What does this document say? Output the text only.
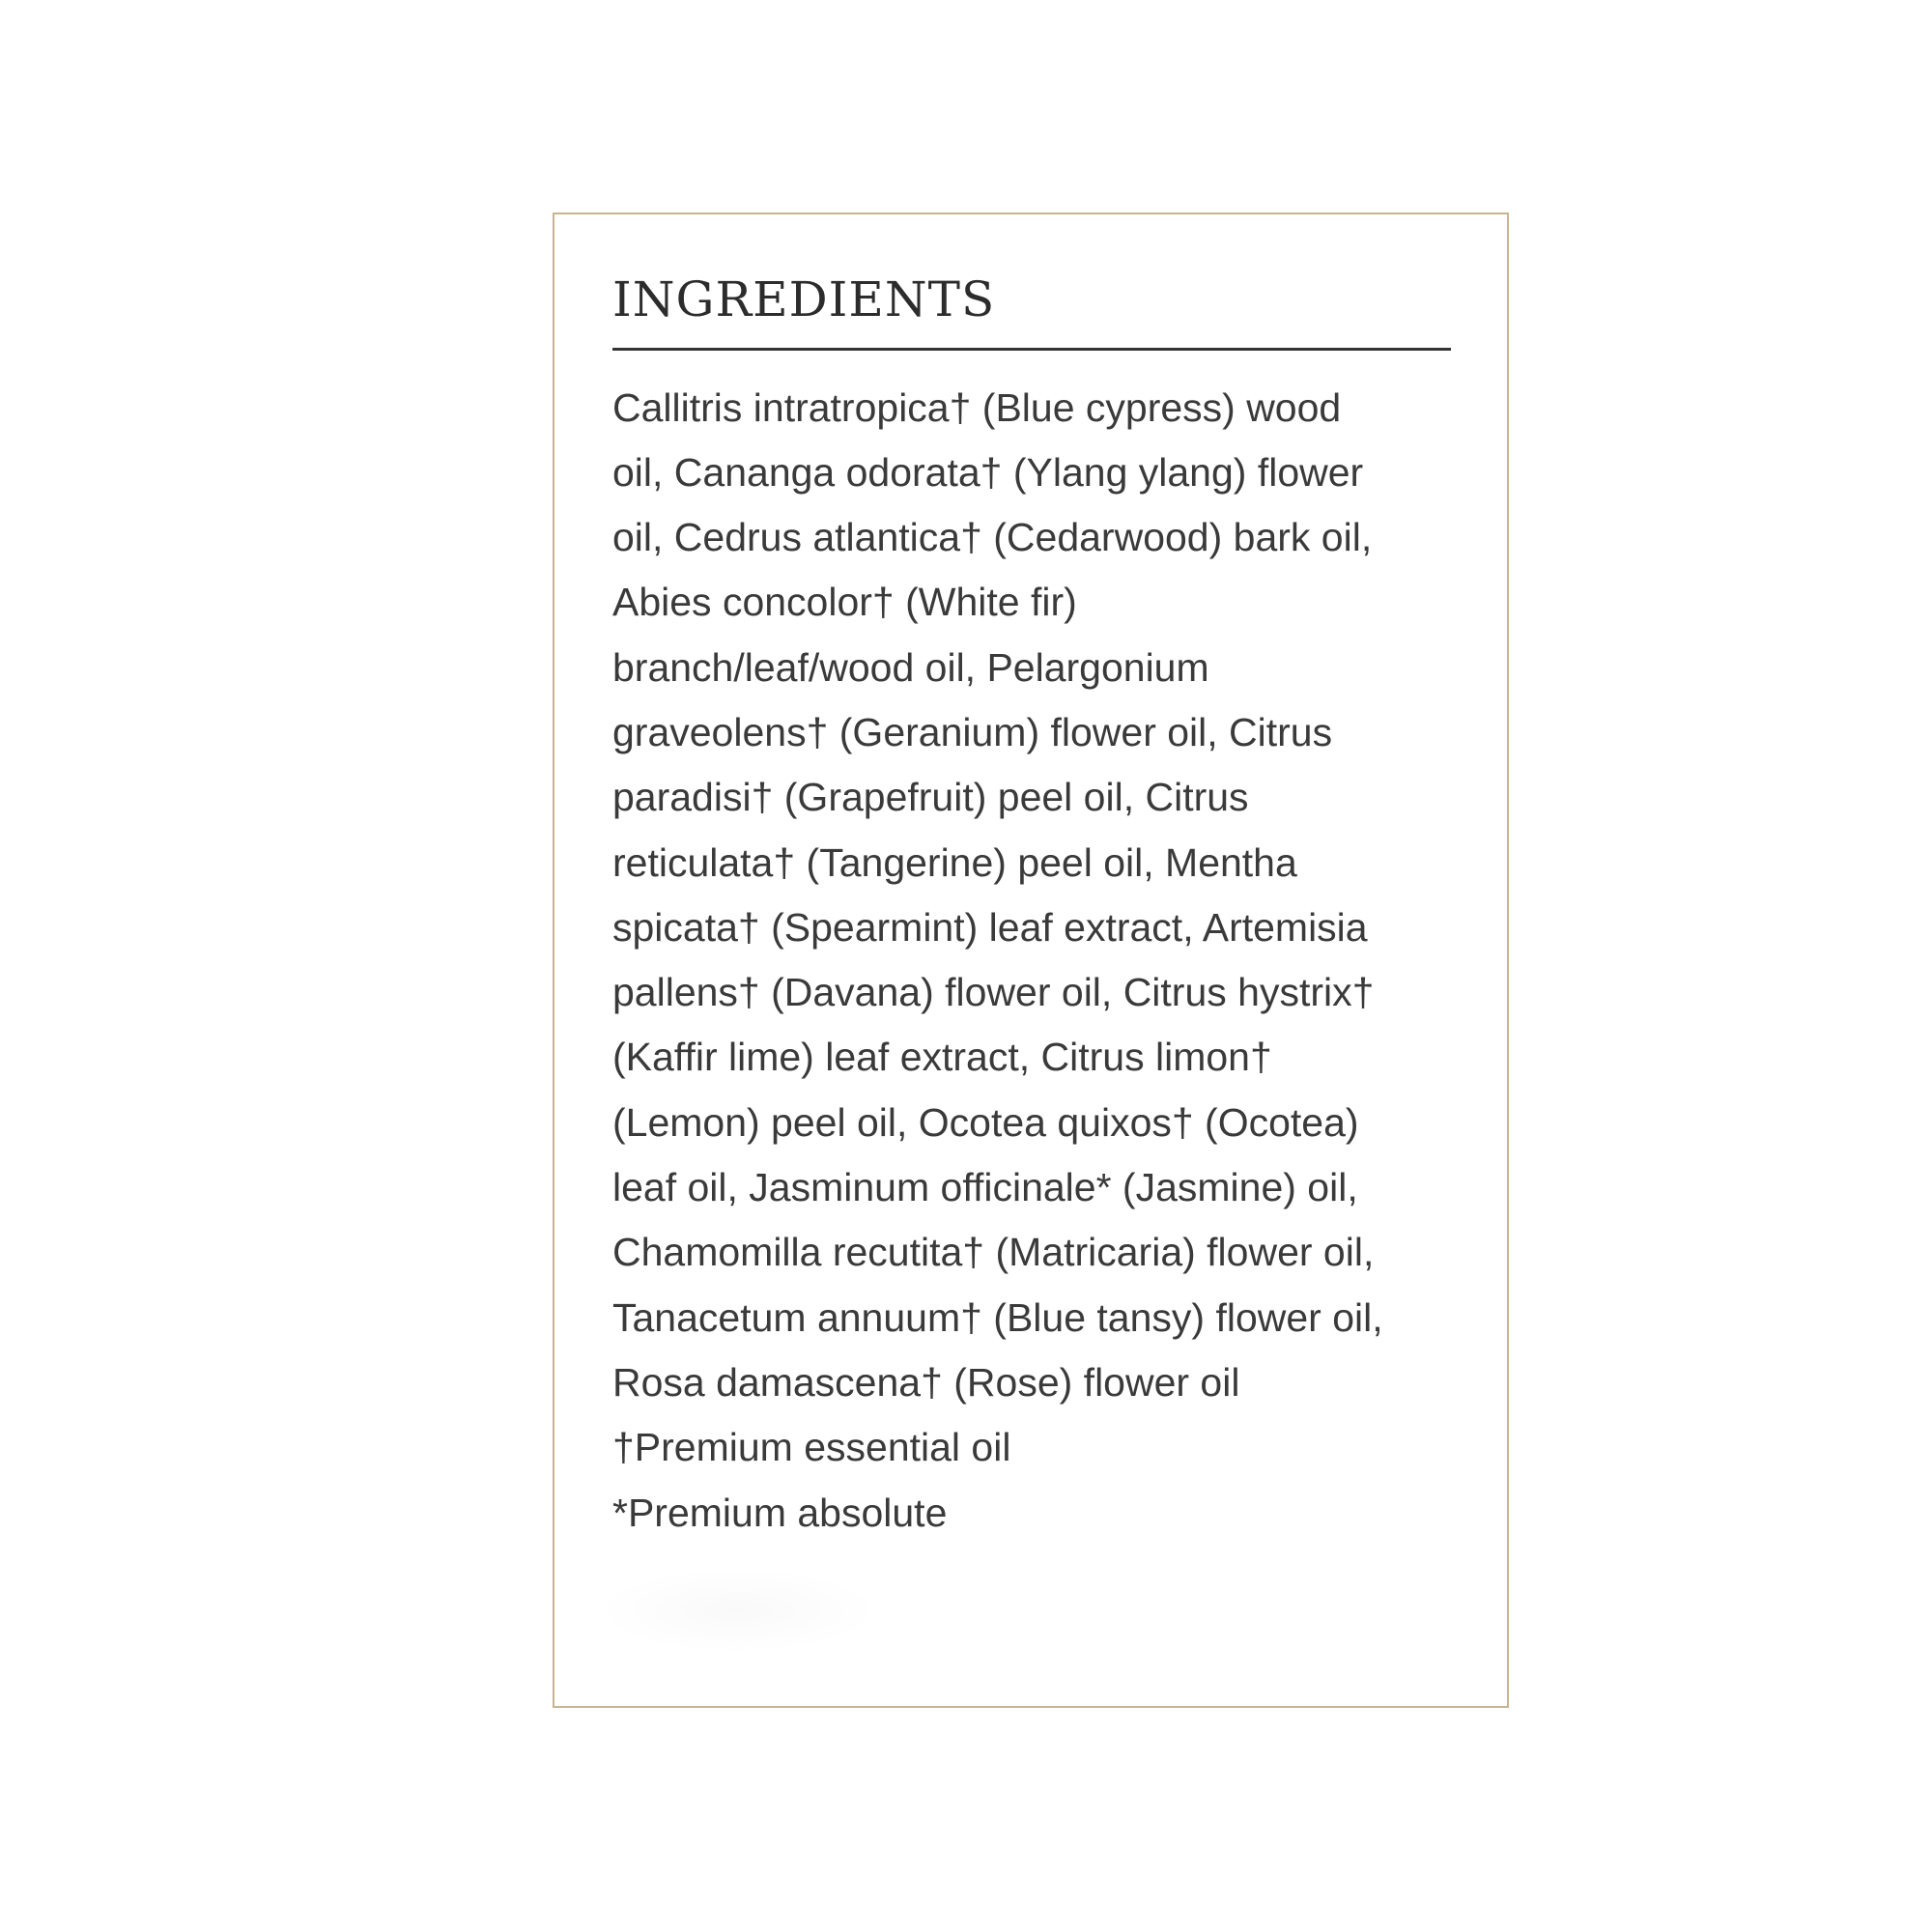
INGREDIENTS

Callitris intratropica† (Blue cypress) wood
oil, Cananga odorata† (Ylang ylang) flower
oil, Cedrus atlantica† (Cedarwood) bark oil,
Abies concolor† (White fir)
branch/leaf/wood oil, Pelargonium
graveolens† (Geranium) flower oil, Citrus
paradisi† (Grapefruit) peel oil, Citrus
reticulata† (Tangerine) peel oil, Mentha
spicata† (Spearmint) leaf extract, Artemisia
pallens† (Davana) flower oil, Citrus hystrix†
(Kaffir lime) leaf extract, Citrus limon†
(Lemon) peel oil, Ocotea quixos† (Ocotea)
leaf oil, Jasminum officinale* (Jasmine) oil,
Chamomilla recutita† (Matricaria) flower oil,
Tanacetum annuum† (Blue tansy) flower oil,
Rosa damascena† (Rose) flower oil

†Premium essential oil

*Premium absolute
